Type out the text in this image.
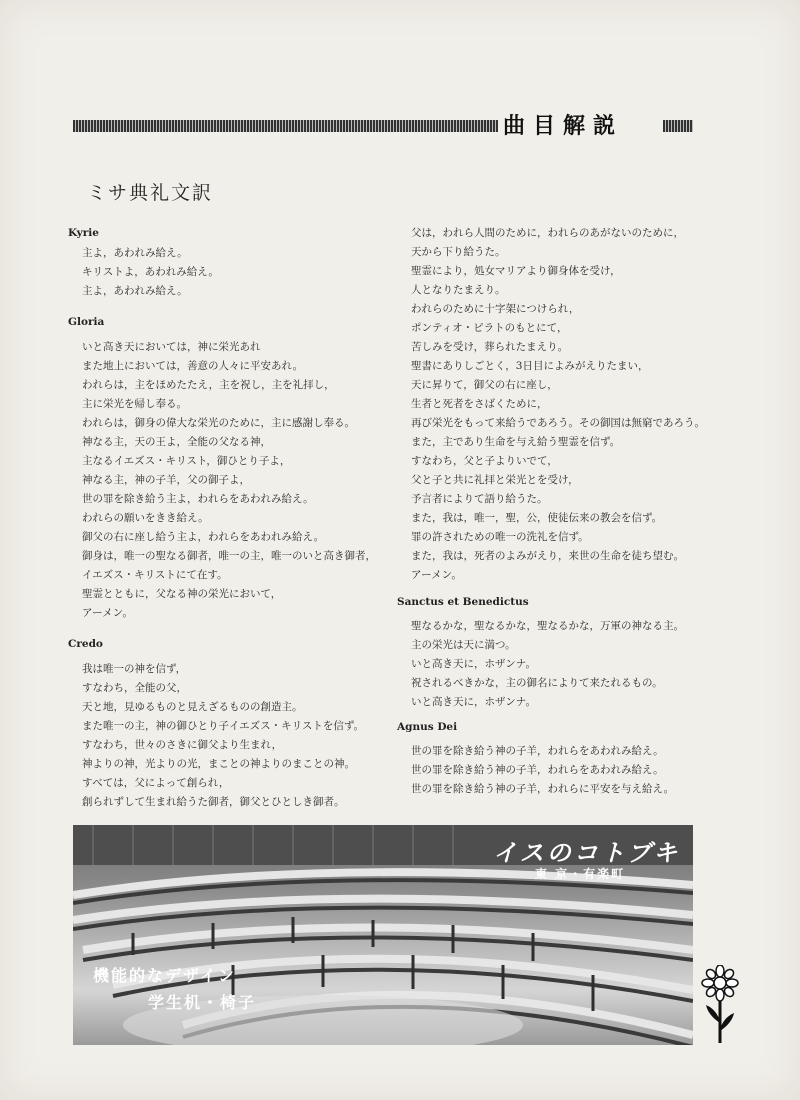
曲目解説
ミサ典礼文訳
Kyrie
主よ，あわれみ給え。
キリストよ，あわれみ給え。
主よ，あわれみ給え。
Gloria
いと高き天においては，神に栄光あれ
また地上においては，善意の人々に平安あれ。
われらは，主をほめたたえ，主を祝し，主を礼拝し，
主に栄光を帰し奉る。
われらは，御身の偉大な栄光のために，主に感謝し奉る。
神なる主，天の王よ，全能の父なる神，
主なるイエズス・キリスト，御ひとり子よ，
神なる主，神の子羊，父の御子よ，
世の罪を除き給う主よ，われらをあわれみ給え。
われらの願いをきき給え。
御父の右に座し給う主よ，われらをあわれみ給え。
御身は，唯一の聖なる御者，唯一の主，唯一のいと高き御者，
イエズス・キリストにて在す。
聖霊とともに，父なる神の栄光において，
アーメン。
Credo
我は唯一の神を信ず，
すなわち，全能の父，
天と地，見ゆるものと見えざるものの創造主。
また唯一の主，神の御ひとり子イエズス・キリストを信ず。
すなわち，世々のさきに御父より生まれ，
神よりの神，光よりの光，まことの神よりのまことの神。
すべては，父によって創られ，
創られずして生まれ給うた御者，御父とひとしき御者。
父は，われら人間のために，われらのあがないのために，
天から下り給うた。
聖霊により，処女マリアより御身体を受け，
人となりたまえり。
われらのために十字架につけられ，
ポンティオ・ピラトのもとにて，
苦しみを受け，葬られたまえり。
聖書にありしごとく，3日目によみがえりたまい，
天に昇りて，御父の右に座し，
生者と死者をさばくために，
再び栄光をもって来給うであろう。その御国は無窮であろう。
また，主であり生命を与え給う聖霊を信ず。
すなわち，父と子よりいでて，
父と子と共に礼拝と栄光とを受け，
予言者によりて語り給うた。
また，我は，唯一，聖，公，使徒伝来の教会を信ず。
罪の許されための唯一の洗礼を信ず。
また，我は，死者のよみがえり，来世の生命を徒ち望む。
アーメン。
Sanctus et Benedictus
聖なるかな，聖なるかな，聖なるかな，万軍の神なる主。
主の栄光は天に満つ。
いと高き天に，ホザンナ。
祝されるべきかな，主の御名によりて来たれるもの。
いと高き天に，ホザンナ。
Agnus Dei
世の罪を除き給う神の子羊，われらをあわれみ給え。
世の罪を除き給う神の子羊，われらをあわれみ給え。
世の罪を除き給う神の子羊，われらに平安を与え給え。
イスのコトブキ
東 京・有楽町
機能的なデザイン
学生机・椅子
